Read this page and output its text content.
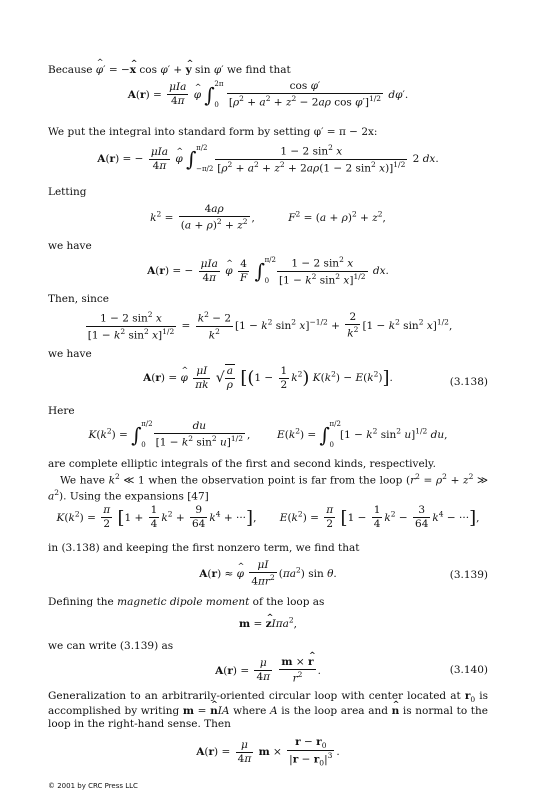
Because ^ φ′ = −^ x cos φ′ + ^ y sin φ′ we find that
$A(r) = \frac{\text{μIa}}{4\pi}$ ^ φ ∫ 2π
0
$\frac{\text{cos φ′}}{[\rho^2 + a^2 + z^2 - 2a\rho \cos \varphi']^{1/2}} d\varphi'$.
We put the integral into standard form by setting φ′ = π − 2x:
A(r) = − $\frac{\text{μIa}}{4\pi}$ ^ φ ∫ π/2
−π/2
$\frac{1 - 2 \sin^2 x}{[\rho^2 + a^2 + z^2 + 2a\rho(1 - 2 \sin^2 x)]^{1/2}} 2$ dx.
Letting
$k^2 = \frac{4a\rho}{(a + \rho)^2 + z^2}$ ,          $F^2 = (a + \rho)^2 + z^2$,
we have
A(r) = − $\frac{\text{μIa}}{4\pi}$ ^ φ $\frac{4}{F}$ ∫ π/2
0
$\frac{1 - 2 \sin^2 x}{[1 - k^2 \sin^2 x]^{1/2}}$ dx.
Then, since
$\frac{1 - 2 \sin^2 x}{[1 - k^2 \sin^2 x]^{1/2}} = \frac{k^2 - 2}{k^2} [1 - k^2$ $\sin^2 x]^{-1/2} + \frac{2}{k^2} [1 - k^2$ $\sin^2 x]^{1/2}$,
we have
A(r) = ^ φ $\frac{\mu I}{\pi k}$ √ $\frac{a}{\rho} [(1 - \frac{1}{2} k^2) K(k^2) - E(k^2)]$.	(3.138)
Here
$K(k^2)$ = ∫ π/2
0
$\frac{du}{[1 - k^2 \sin^2 u]^{1/2}}$ ,        $E(k^2)$ = ∫ π/2
0
[$1 - k^2$ $\sin^2 u]^{1/2}$ du,
are complete elliptic integrals of the first and second kinds, respectively.
We have $k^2$ ≪ 1 when the observation point is far from the loop ($r^2 = \rho^2 + z^2$ ≫ $a^2$). Using the expansions [47]
$K(k^2) = \frac{\pi}{2} [1 + \frac{1}{4} k^2 + \frac{9}{64} k^4$ + ···],       $E(k^2) = \frac{\pi}{2} [1 - \frac{1}{4} k^2 - \frac{3}{64} k^4$ − ···],
in (3.138) and keeping the first nonzero term, we find that
A(r) ≈ ^ φ $\frac{\mu I}{4\pi r^2} (\pi a^2)$ sin θ.	(3.139)
Defining the magnetic dipole moment of the loop as
m = ^ zIπa$^2$,
we can write (3.139) as
$A(r) = \frac{\mu}{4\pi}$
$\frac{m \times \^{} r}{r^2}$ .	(3.140)
Generalization to an arbitrarily-oriented circular loop with center located at $r_0$ is accomplished by writing m = ^ nIA where A is the loop area and ^ n is normal to the loop in the right-hand sense. Then
$A(r) = \frac{\mu}{4\pi}$ $m \times \frac{r - r_0}{|r - r_0|^3}$ .
© 2001 by CRC Press LLC
